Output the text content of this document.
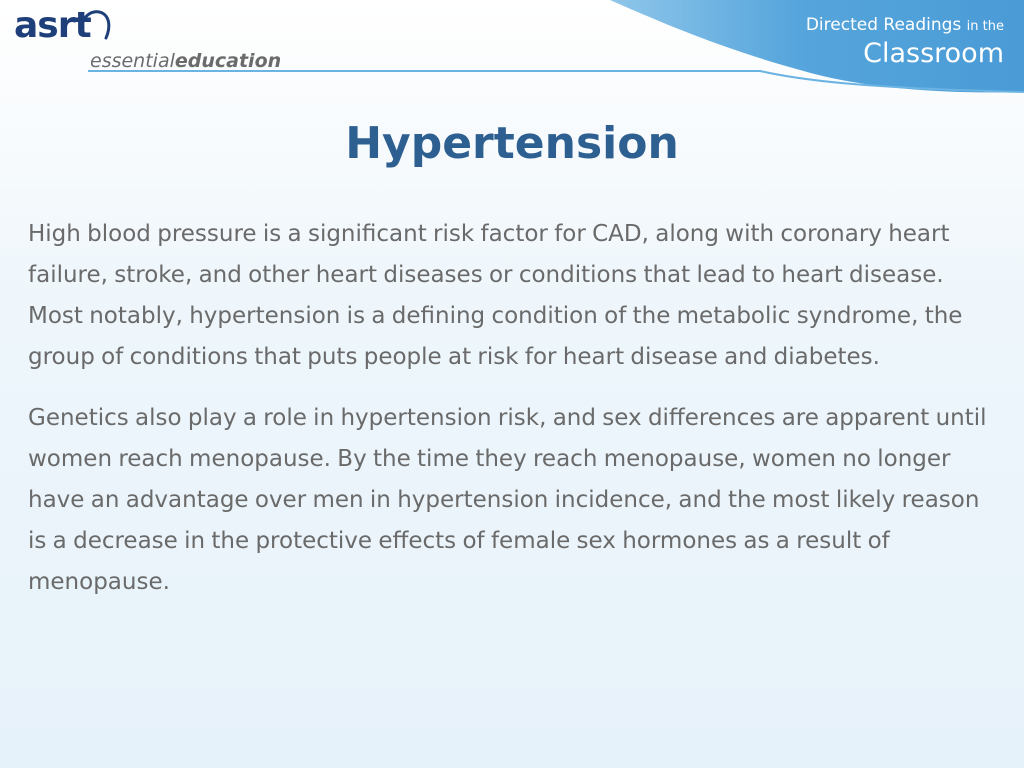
asrt
essentialeducation
Directed Readings in the
Classroom
Hypertension

High blood pressure is a significant risk factor for CAD, along with coronary heart failure, stroke, and other heart diseases or conditions that lead to heart disease. Most notably, hypertension is a defining condition of the metabolic syndrome, the group of conditions that puts people at risk for heart disease and diabetes.

Genetics also play a role in hypertension risk, and sex differences are apparent until women reach menopause. By the time they reach menopause, women no longer have an advantage over men in hypertension incidence, and the most likely reason is a decrease in the protective effects of female sex hormones as a result of menopause.
